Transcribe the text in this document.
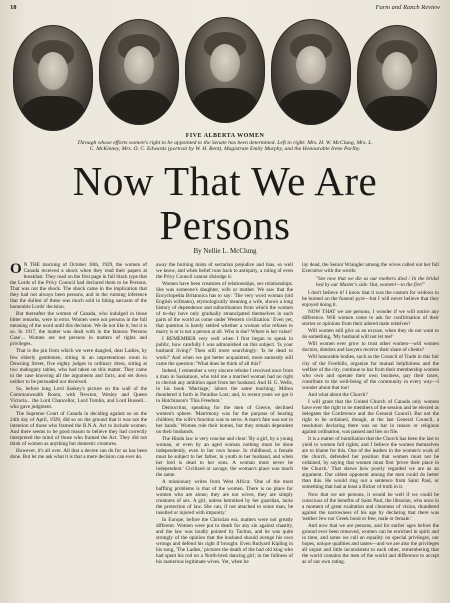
18	Farm and Ranch Review
FIVE ALBERTA WOMEN
Through whose efforts women's right to be appointed to the Senate has been determined. Left to right: Mrs. H. W. McClung, Mrs. L. C. McKinney, Mrs. O. C. Edwards (portrait by W. H. Bent), Magistrate Emily Murphy, and the Honourable Irene Parlby.
Now That We Are Persons
By Nellie L. McClung

O N THE morning of October 18th, 1929, the women of Canada received a shock when they read their papers at breakfast. They read on the first page in full black type that the Lords of the Privy Council had declared them to be Persons. That was not the shock. The shock came in the implication that they had not always been persons, and in the running inference that the dullest of these was much sold in biting sarcasm of the honorable Lords' decision.

But thereafter the women of Canada, who indulged in those bitter remarks, were in error. Women were not persons in the full meaning of the word until this decision. We do not like it, but it is so. In 1917, the matter was dealt with in the famous 'Persons Case'... Women are not persons in matters of rights and privileges.

That is the pin from which we were dangled, dear Ladies, by few elderly gentlemen, sitting in an unpretentious room in Downing Street, five eighty judges in ordinary dress, sitting at two mahogany tables, who had taken on this matter. They came to the case knowing all the arguments and facts, and set down neither to be persuaded nor deceived.

So, before long Lord Sankey's picture on the wall of the Commonwealth Room, with Newton, Wesley and Queen Victoria... the Lord Chancellor, Lord Tomlin, and Lord Russell... who gave judgment.

The Supreme Court of Canada in deciding against us on the 24th day of April, 1928, did so on the ground that it was not the intention of those who framed the B.N.A. Act to include women. And there seems to be good reason to believe they had correctly interpreted the mind of those who framed the Act. They did not think of women as anything but domestic creatures.

However, it's all over. All that a decree can do for us has been done. But let me ask what it is that a mere decision can ever do.

away the burning mists of sectarian prejudice and bias, so well we know, and when belief runs back to antiquity, a ruling of even the Privy Council cannot dislodge it.

Women have been creatures of relationships, sex relationships. She was someone's daughter, wife or mother. We saw that the Encyclopedia Britannica has to say: 'The very word woman (old English wifmann), etymologically meaning a wife, shows a long history of dependence and subordination from which the women of to-day have only gradually emancipated themselves in such parts of the world as come under Western civilization.' Even yet, that question is barely settled whether a woman who refuses to marry is or is not a person at all. Who is she? Where is her value?

I REMEMBER very well when I first began to speak in public, how carefully I was admonished on this subject. 'Is your husband living?' Then still more searchingly: 'Is he dead to work?' And when we got better acquainted, more earnestly still came the question: 'What does he think of all this?'

Indeed, I remember a very sincere rebuke I received once from a man in Saskatoon, who told me a married woman had no right to cherish any ambition apart from her husband. And H. G. Wells, in his book 'Marriage,' labors the same teaching; Milton thundered it forth in Paradise Lost; and, in recent years we got it in Hutchinson's 'This Freedom.'

Democritus, speaking for the men of Greece, declined women's sphere. 'Matrimony was for the purpose of bearing children; the wife's function was to serve. A man's fate was not in her hands.' Women rule their homes, but they remain dependent on their husbands.

The Hindu law is very concise and clear: 'By a girl, by a young woman, or even by an aged woman nothing must be done independently, even in her own house. In childhood, a female must be subject to her father, in youth to her husband, and when her lord is dead to her sons. A woman must never be independent.' Civilized or savage, the woman's place was much the same.

A missionary writes from West Africa: 'One of the most baffling problems is that of the women. There is no place for women who are alone; they are not wives, they are simply creatures of sex. A girl, unless betrothed by her guardian, lacks the protection of law. She can, if not attached to some man, be insulted or injured with impunity.'

In Europe, before the Christian era, matters were not greatly different. Women were put to death for any sin against chastity, and the law was loudly pointed by Tacitus, and he was quite strongly of the opinion that the husband should avenge his own wrongs and defend his right if brought. Even Rudyard Kipling in his song, 'The Ladies,' pictures the death of the bad old king who had spent his rod on a North-bred dancing girl; in the fullness of his numerous legitimate wives. Yet, when he

lay dead, the Senior Wrangler among the wives called out her full Executive with the words:

"See now that we die as our mothers died / In the bridal bed by our Master's side. Out, women!—to the fire!"

I don't believe it! I know that it was the custom for widows to be burned on the funeral pyre—but I will never believe that they enjoyed doing it.

NOW THAT we are persons, I wonder if we will notice any difference. Will women come to ask for confirmation of their stories or opinions from their adored male relatives?

Will women still give as an excuse, when they do not want to do something, 'My husband will not let me!'

Will women ever grow to trust other women—will women doctors, dentists and lawyers receive their share of clients?

Will honorable bodies, such as the Council of Trade in this fair city of the Foothills, organize for mutual helpfulness and the welfare of the city, continue to bar from their membership women who own and operate their own business, pay their taxes, contribute to the well-being of the community in every way—I wonder about that too!

And what about the Church?

I will grant that the United Church of Canada only women have ever the right to be members of the session and be elected as delegates the Conference and the General Council. But not the right to be ordained, though, at the last General Council, a resolution declaring there was no bar in reason or religious against ordination, was passed and lies on file.

It is a matter of humiliation that the Church has been the last to yield to women full rights; and I believe the women themselves are to blame for this. One of the leaders in the women's work of the church, defended her position that women must not be ordained, by saying that women must first 'prove their place in the Church.' That shows how poorly regarded we are as an argument. Our oldest opponent among the men could do better than this. He would ring out a sentence from Saint Paul, or something that had at least a flicker of truth in it.

Now that we are persons, it would be well if we could be conscious of the benefits of Saint Paul, the librarian, who once in a moment of great exaltation and clearness of vision, thundered against the narrowness of his age by declaring that there was 'neither Jew nor Greek bond or free, male or female.'

And now that we are persons, and for earlier ages before the ground ever been removed, women can be enriched in spirit and in time, and some we call an equality on special privileges, our hopes, unique qualities and tastes—and we are also the privileges all unjust and little inconsistent to each other, remembering that the world contains the men of the world and difference to accept as of our own rating.
